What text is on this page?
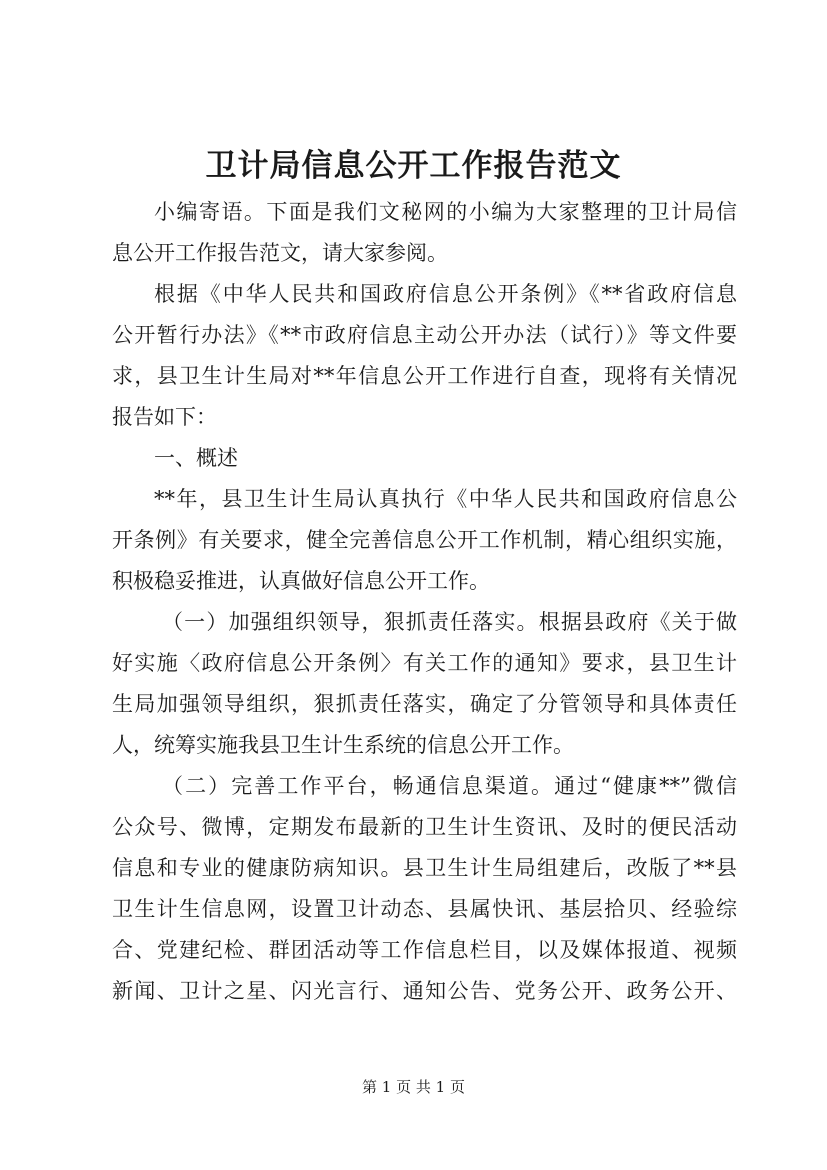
卫计局信息公开工作报告范文
小编寄语。下面是我们文秘网的小编为大家整理的卫计局信
息公开工作报告范文，请大家参阅。
根据《中华人民共和国政府信息公开条例》《**省政府信息
公开暂行办法》《**市政府信息主动公开办法（试行）》等文件要
求，县卫生计生局对**年信息公开工作进行自查，现将有关情况
报告如下：
一、概述
**年，县卫生计生局认真执行《中华人民共和国政府信息公
开条例》有关要求，健全完善信息公开工作机制，精心组织实施，
积极稳妥推进，认真做好信息公开工作。
（一）加强组织领导，狠抓责任落实。根据县政府《关于做
好实施〈政府信息公开条例〉有关工作的通知》要求，县卫生计
生局加强领导组织，狠抓责任落实，确定了分管领导和具体责任
人，统筹实施我县卫生计生系统的信息公开工作。
（二）完善工作平台，畅通信息渠道。通过“健康**”微信
公众号、微博，定期发布最新的卫生计生资讯、及时的便民活动
信息和专业的健康防病知识。县卫生计生局组建后，改版了**县
卫生计生信息网，设置卫计动态、县属快讯、基层拾贝、经验综
合、党建纪检、群团活动等工作信息栏目，以及媒体报道、视频
新闻、卫计之星、闪光言行、通知公告、党务公开、政务公开、
第 1 页 共 1 页
